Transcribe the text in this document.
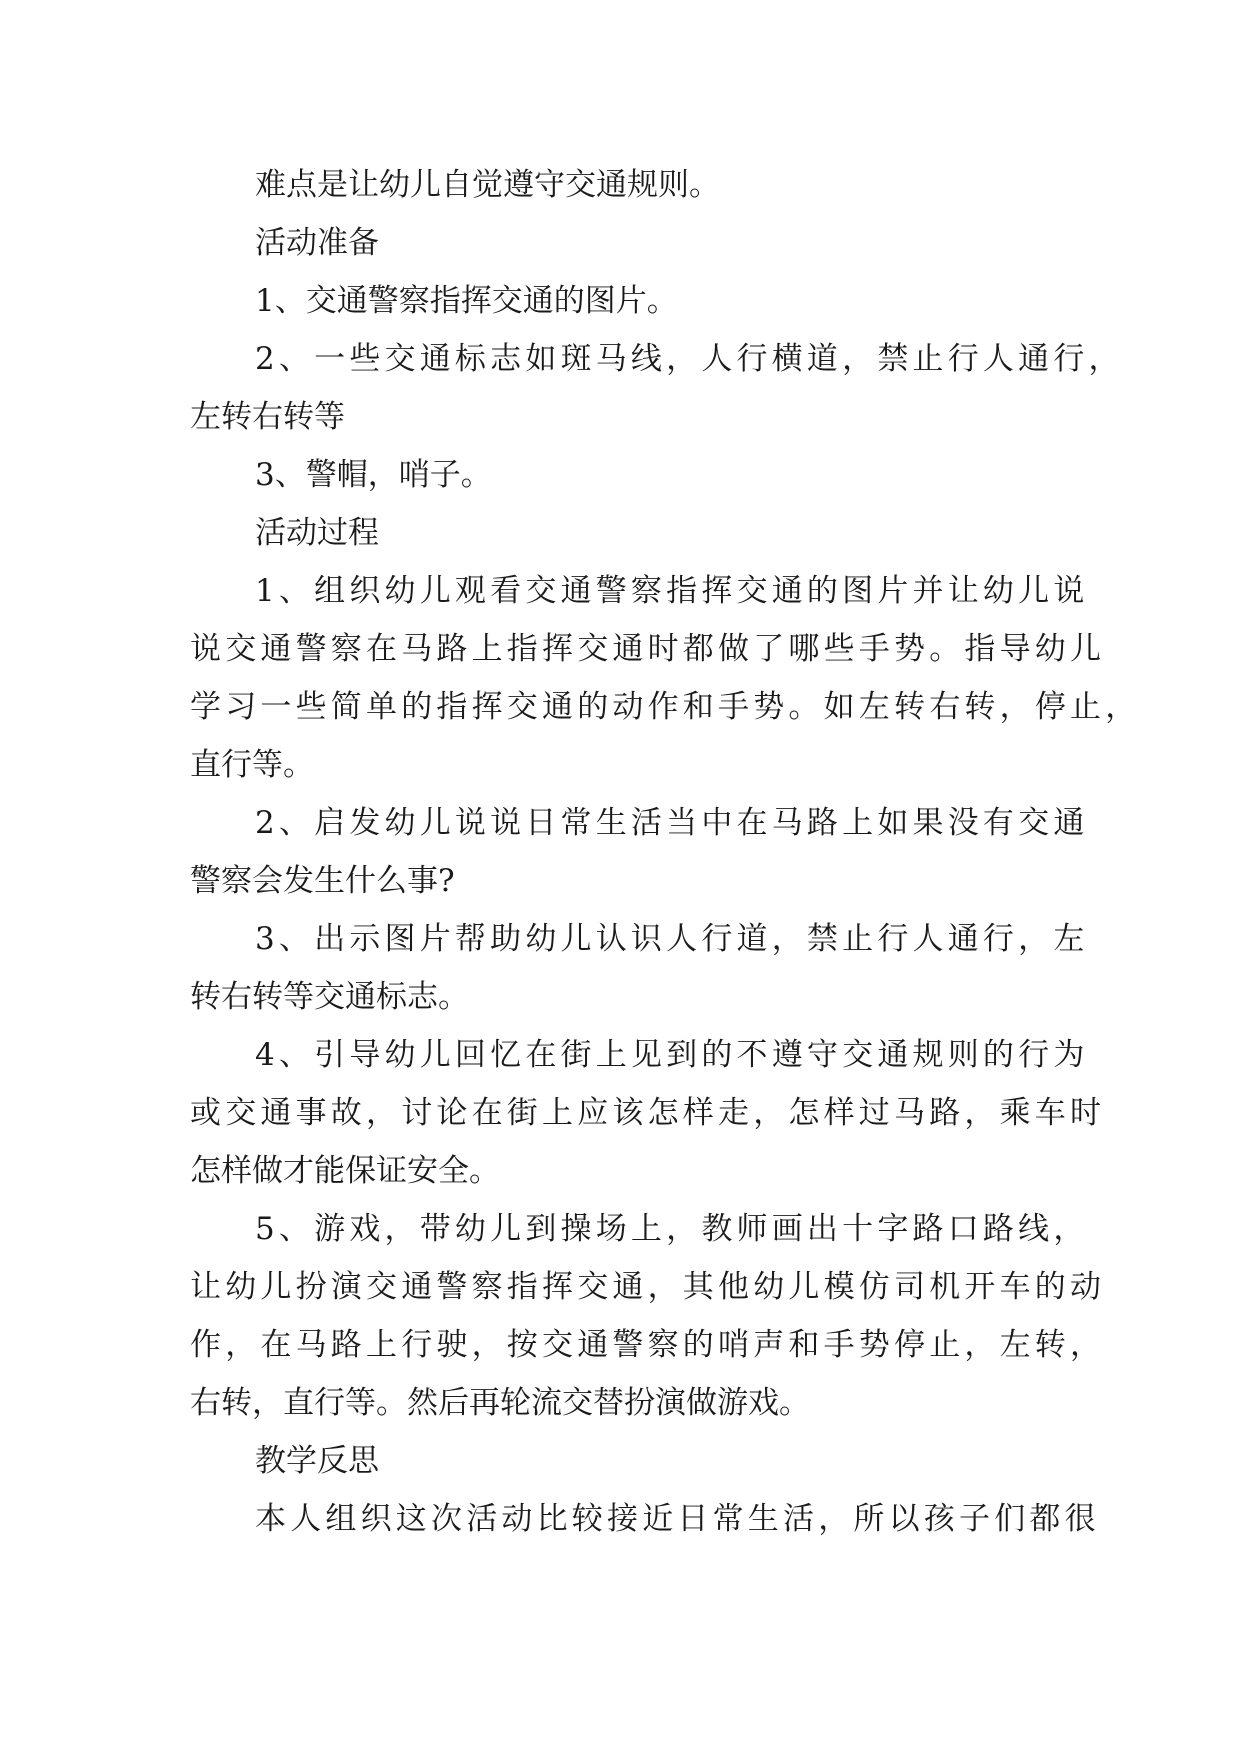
难点是让幼儿自觉遵守交通规则。
活动准备
1、交通警察指挥交通的图片。
2、一些交通标志如斑马线，人行横道，禁止行人通行，
左转右转等
3、警帽，哨子。
活动过程
1、组织幼儿观看交通警察指挥交通的图片并让幼儿说
说交通警察在马路上指挥交通时都做了哪些手势。指导幼儿
学习一些简单的指挥交通的动作和手势。如左转右转，停止，
直行等。
2、启发幼儿说说日常生活当中在马路上如果没有交通
警察会发生什么事?
3、出示图片帮助幼儿认识人行道，禁止行人通行，左
转右转等交通标志。
4、引导幼儿回忆在街上见到的不遵守交通规则的行为
或交通事故，讨论在街上应该怎样走，怎样过马路，乘车时
怎样做才能保证安全。
5、游戏，带幼儿到操场上，教师画出十字路口路线，
让幼儿扮演交通警察指挥交通，其他幼儿模仿司机开车的动
作，在马路上行驶，按交通警察的哨声和手势停止，左转，
右转，直行等。然后再轮流交替扮演做游戏。
教学反思
本人组织这次活动比较接近日常生活，所以孩子们都很
